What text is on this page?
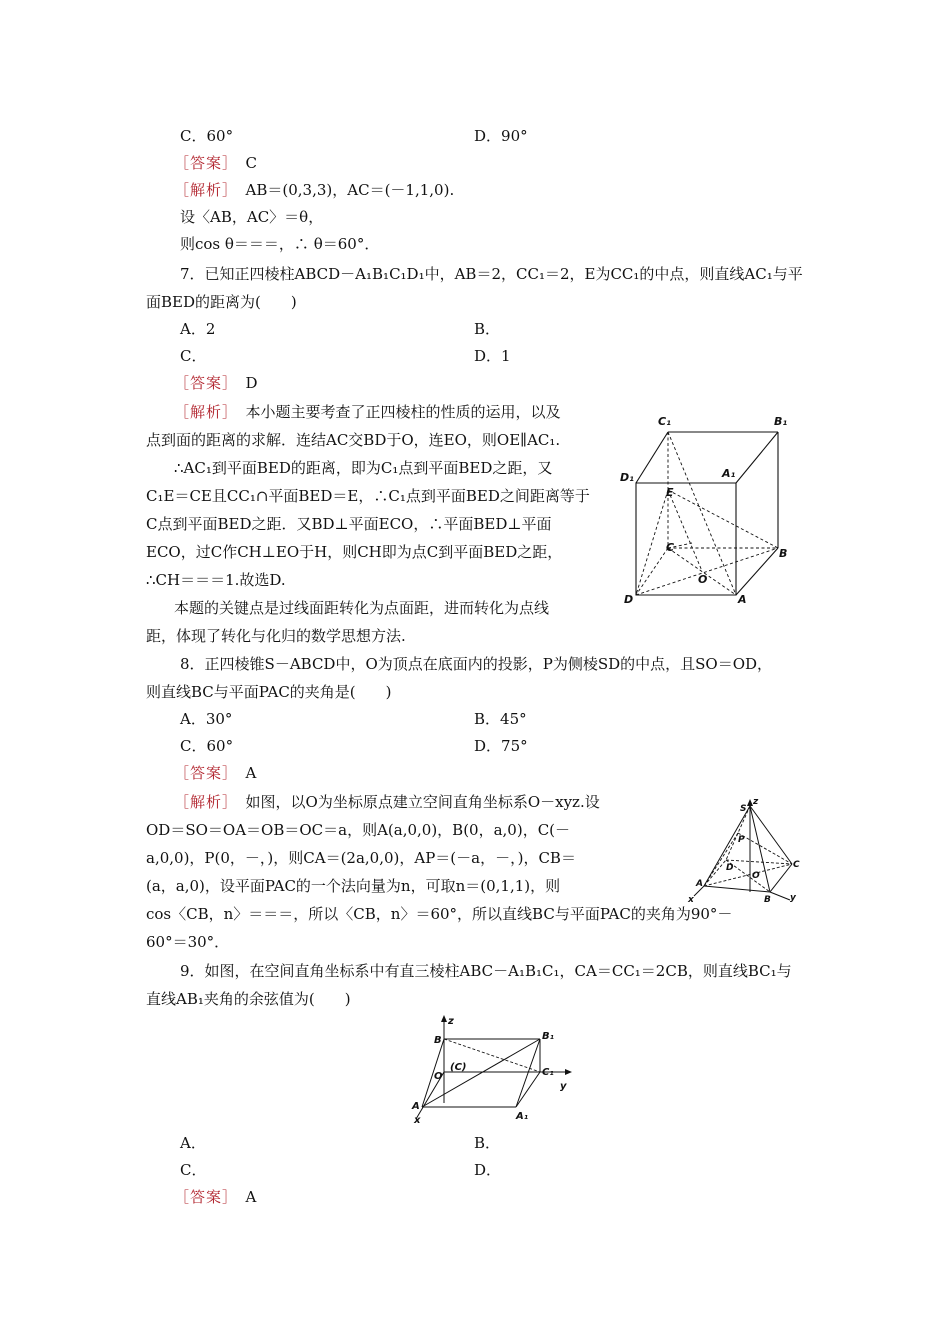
C．60°	D．90°
［答案］　 C
［解析］　 AB＝(0,3,3)，AC＝(－1,1,0).
设〈AB，AC〉＝θ，
则cos θ＝＝＝，∴ θ＝60°．
7．已知正四棱柱ABCD－A₁B₁C₁D₁中，AB＝2，CC₁＝2，E为CC₁的中点，则直线AC₁与平
面BED的距离为(　　)
A．2	B．
C．	D．1
［答案］　 D
［解析］　 本小题主要考查了正四棱柱的性质的运用，以及
点到面的距离的求解．连结AC交BD于O，连EO，则OE∥AC₁.
∴AC₁到平面BED的距离，即为C₁点到平面BED之距，又
C₁E＝CE且CC₁∩平面BED＝E，∴C₁点到平面BED之间距离等于
C点到平面BED之距．又BD⊥平面ECO，∴平面BED⊥平面
ECO，过C作CH⊥EO于H，则CH即为点C到平面BED之距，
∴CH＝＝＝1.故选D.
本题的关键点是过线面距转化为点面距，进而转化为点线
距，体现了转化与化归的数学思想方法.
C₁	B₁
A₁
D₁
E
C	B
O
D	A
8．正四棱锥S－ABCD中，O为顶点在底面内的投影，P为侧棱SD的中点，且SO＝OD，
则直线BC与平面PAC的夹角是(　　)
A．30°	B．45°
C．60°	D．75°
［答案］　 A
［解析］　 如图，以O为坐标原点建立空间直角坐标系O－xyz.设
OD＝SO＝OA＝OB＝OC＝a，则A(a,0,0)，B(0，a,0)，C(－
a,0,0)，P(0，－，)，则CA＝(2a,0,0)，AP＝(－a，－，)，CB＝
(a，a,0)，设平面PAC的一个法向量为n，可取n＝(0,1,1)，则
cos〈CB，n〉＝＝＝，所以〈CB，n〉＝60°，所以直线BC与平面PAC的夹角为90°－
60°＝30°．
z
S
P
D	C
O
A
B
x	y
9．如图，在空间直角坐标系中有直三棱柱ABC－A₁B₁C₁，CA＝CC₁＝2CB，则直线BC₁与
直线AB₁夹角的余弦值为(　　)
z
B	B₁
(C)	C₁
O
y
A
A₁
x
A．	B．
C．	D．
［答案］　 A
